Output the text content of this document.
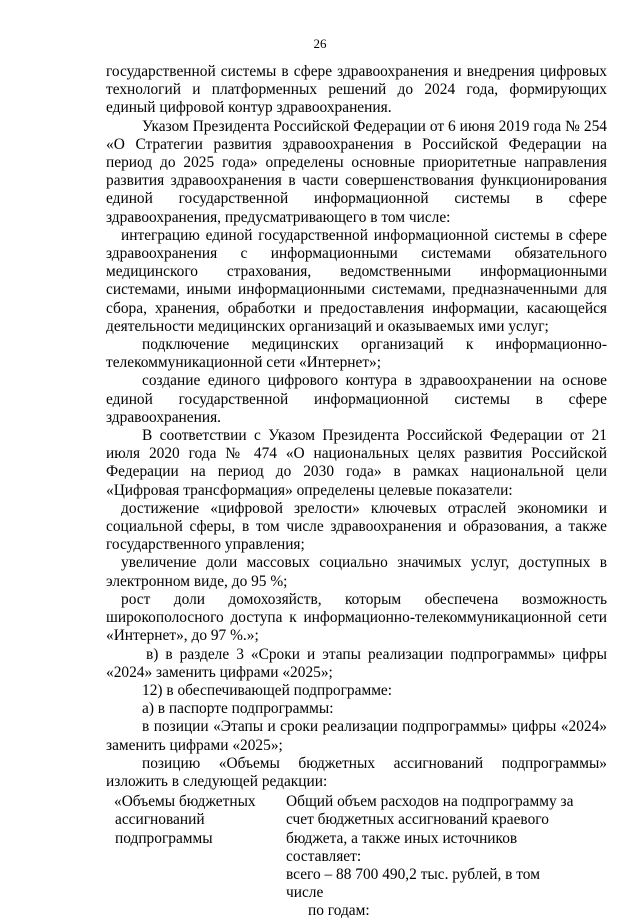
26

государственной системы в сфере здравоохранения и внедрения цифровых технологий и платформенных решений до 2024 года, формирующих единый цифровой контур здравоохранения.

Указом Президента Российской Федерации от 6 июня 2019 года № 254 «О Стратегии развития здравоохранения в Российской Федерации на период до 2025 года» определены основные приоритетные направления развития здравоохранения в части совершенствования функционирования единой государственной информационной системы в сфере здравоохранения, предусматривающего в том числе:

интеграцию единой государственной информационной системы в сфере здравоохранения с информационными системами обязательного медицинского страхования, ведомственными информационными системами, иными информационными системами, предназначенными для сбора, хранения, обработки и предоставления информации, касающейся деятельности медицинских организаций и оказываемых ими услуг;

подключение медицинских организаций к информационно-телекоммуникационной сети «Интернет»;

создание единого цифрового контура в здравоохранении на основе единой государственной информационной системы в сфере здравоохранения.

В соответствии с Указом Президента Российской Федерации от 21 июля 2020 года № 474 «О национальных целях развития Российской Федерации на период до 2030 года» в рамках национальной цели «Цифровая трансформация» определены целевые показатели:

достижение «цифровой зрелости» ключевых отраслей экономики и социальной сферы, в том числе здравоохранения и образования, а также государственного управления;

увеличение доли массовых социально значимых услуг, доступных в электронном виде, до 95 %;

рост доли домохозяйств, которым обеспечена возможность широкополосного доступа к информационно-телекоммуникационной сети «Интернет», до 97 %.»;

в) в разделе 3 «Сроки и этапы реализации подпрограммы» цифры «2024» заменить цифрами «2025»;

12) в обеспечивающей подпрограмме:

а) в паспорте подпрограммы:

в позиции «Этапы и сроки реализации подпрограммы» цифры «2024» заменить цифрами «2025»;

позицию «Объемы бюджетных ассигнований подпрограммы» изложить в следующей редакции:

«Объемы бюджетных
ассигнований
подпрограммы
Общий объем расходов на подпрограмму за
счет бюджетных ассигнований краевого
бюджета, а также иных источников составляет:
всего – 88 700 490,2 тыс. рублей, в том числе
по годам:
